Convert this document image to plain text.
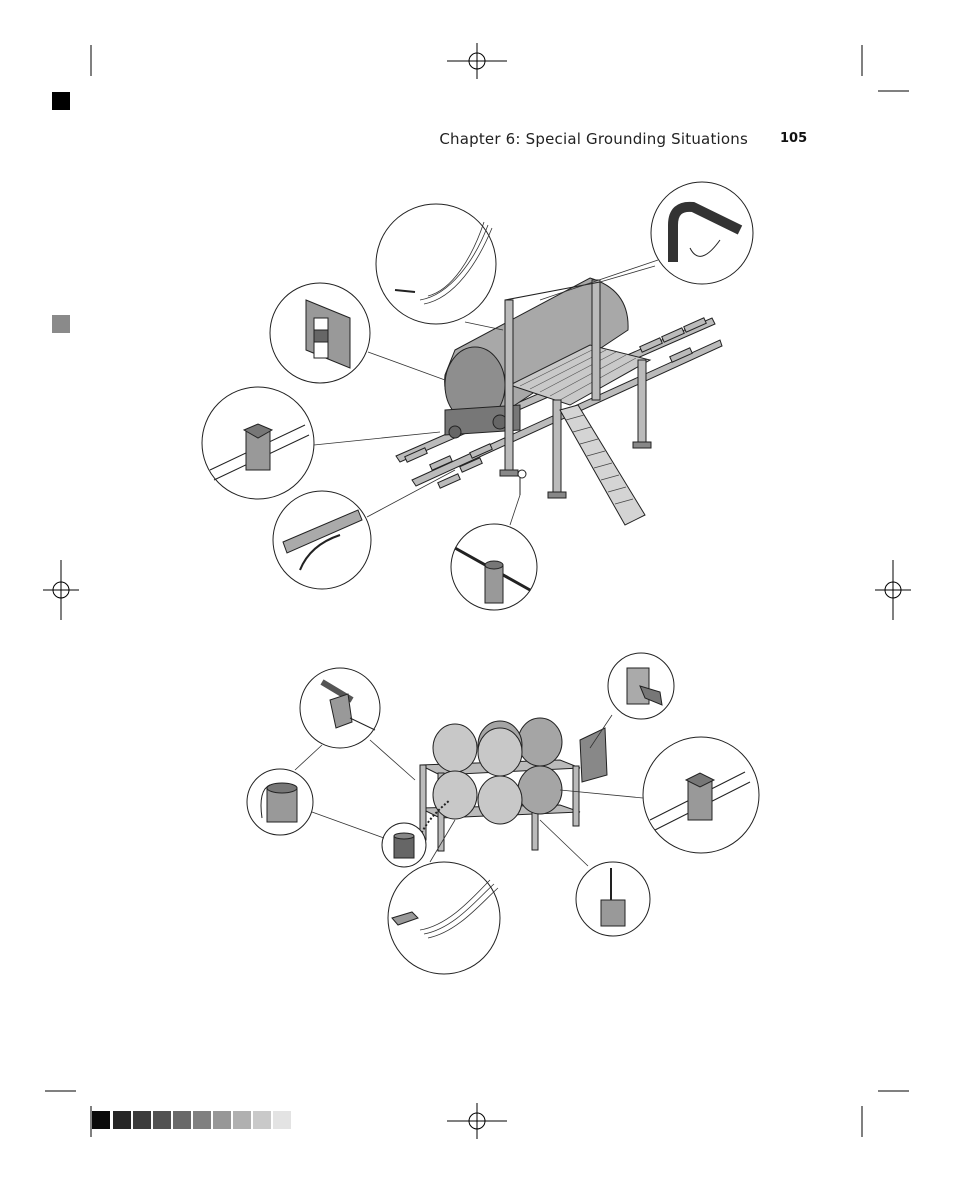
Chapter 6: Special Grounding Situations 105
